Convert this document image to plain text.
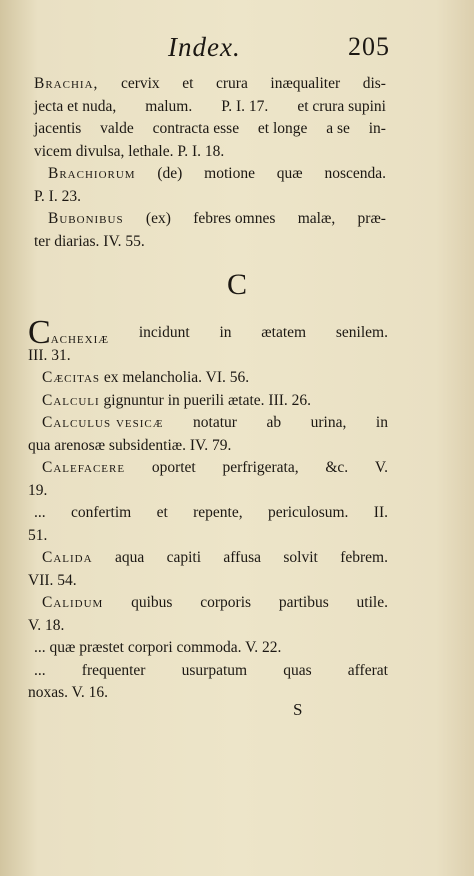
Index.	205
Brachia, cervix et crura inæqualiter dis-
jecta et nuda, malum. P. I. 17. et crura supini
jacentis valde contracta esse et longe a se in-
vicem divulsa, lethale. P. I. 18.
Brachiorum (de) motione quæ noscenda.
P. I. 23.
Bubonibus (ex) febres omnes malæ, præ-
ter diarias. IV. 55.
C
Cachexiæ incidunt in ætatem senilem.
III. 31.
Cæcitas ex melancholia. VI. 56.
Calculi gignuntur in puerili ætate. III. 26.
Calculus vesicæ notatur ab urina, in
qua arenosæ subsidentiæ. IV. 79.
Calefacere oportet perfrigerata, &c. V.
19.
... confertim et repente, periculosum. II.
51.
Calida aqua capiti affusa solvit febrem.
VII. 54.
Calidum quibus corporis partibus utile.
V. 18.
... quæ præstet corpori commoda. V. 22.
... frequenter usurpatum quas afferat
noxas. V. 16.
S
